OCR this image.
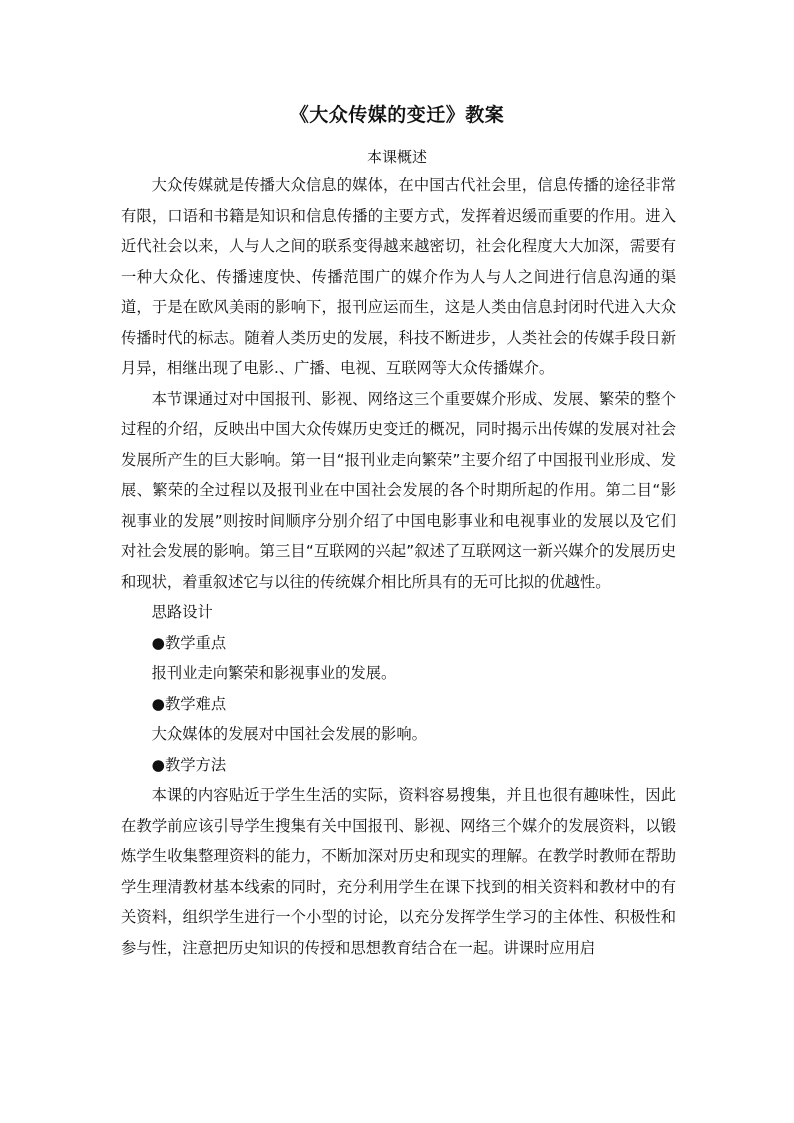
《大众传媒的变迁》教案
本课概述

大众传媒就是传播大众信息的媒体，在中国古代社会里，信息传播的途径非常有限，口语和书籍是知识和信息传播的主要方式，发挥着迟缓而重要的作用。进入近代社会以来，人与人之间的联系变得越来越密切，社会化程度大大加深，需要有一种大众化、传播速度快、传播范围广的媒介作为人与人之间进行信息沟通的渠道，于是在欧风美雨的影响下，报刊应运而生，这是人类由信息封闭时代进入大众传播时代的标志。随着人类历史的发展，科技不断进步，人类社会的传媒手段日新月异，相继出现了电影.、广播、电视、互联网等大众传播媒介。

本节课通过对中国报刊、影视、网络这三个重要媒介形成、发展、繁荣的整个过程的介绍，反映出中国大众传媒历史变迁的概况，同时揭示出传媒的发展对社会发展所产生的巨大影响。第一目“报刊业走向繁荣”主要介绍了中国报刊业形成、发展、繁荣的全过程以及报刊业在中国社会发展的各个时期所起的作用。第二目“影视事业的发展”则按时间顺序分别介绍了中国电影事业和电视事业的发展以及它们对社会发展的影响。第三目“互联网的兴起”叙述了互联网这一新兴媒介的发展历史和现状，着重叙述它与以往的传统媒介相比所具有的无可比拟的优越性。

思路设计

●教学重点

报刊业走向繁荣和影视事业的发展。

●教学难点

大众媒体的发展对中国社会发展的影响。

●教学方法

本课的内容贴近于学生生活的实际，资料容易搜集，并且也很有趣味性，因此在教学前应该引导学生搜集有关中国报刊、影视、网络三个媒介的发展资料，以锻炼学生收集整理资料的能力，不断加深对历史和现实的理解。在教学时教师在帮助学生理清教材基本线索的同时，充分利用学生在课下找到的相关资料和教材中的有关资料，组织学生进行一个小型的讨论，以充分发挥学生学习的主体性、积极性和参与性，注意把历史知识的传授和思想教育结合在一起。讲课时应用启
